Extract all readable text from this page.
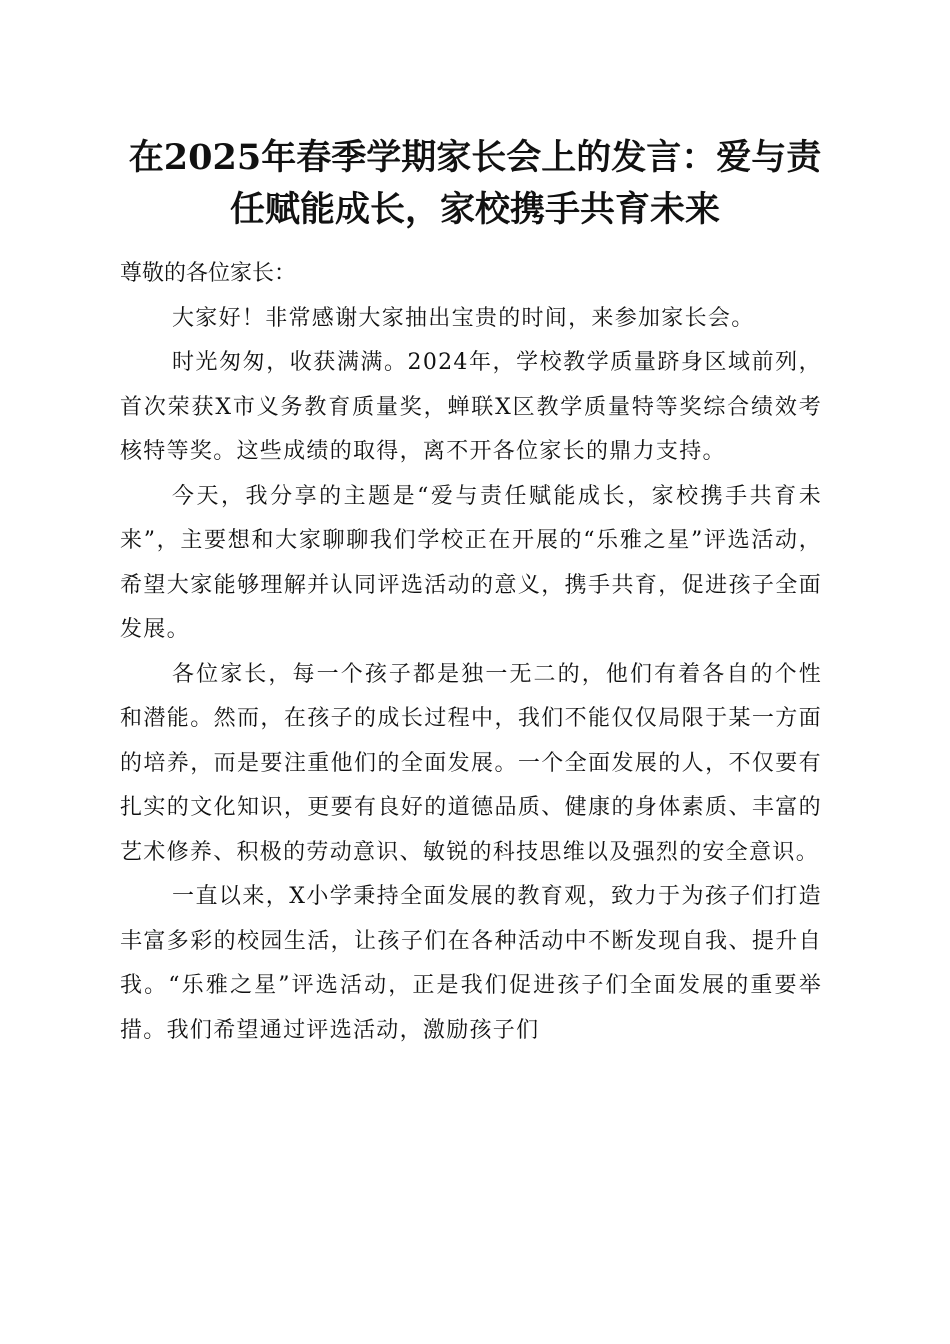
在2025年春季学期家长会上的发言：爱与责
任赋能成长，家校携手共育未来

尊敬的各位家长：

大家好！非常感谢大家抽出宝贵的时间，来参加家长会。

时光匆匆，收获满满。2024年，学校教学质量跻身区域前列，首次荣获X市义务教育质量奖，蝉联X区教学质量特等奖综合绩效考核特等奖。这些成绩的取得，离不开各位家长的鼎力支持。

今天，我分享的主题是“爱与责任赋能成长，家校携手共育未来”，主要想和大家聊聊我们学校正在开展的“乐雅之星”评选活动，希望大家能够理解并认同评选活动的意义，携手共育，促进孩子全面发展。

各位家长，每一个孩子都是独一无二的，他们有着各自的个性和潜能。然而，在孩子的成长过程中，我们不能仅仅局限于某一方面的培养，而是要注重他们的全面发展。一个全面发展的人，不仅要有扎实的文化知识，更要有良好的道德品质、健康的身体素质、丰富的艺术修养、积极的劳动意识、敏锐的科技思维以及强烈的安全意识。

一直以来，X小学秉持全面发展的教育观，致力于为孩子们打造丰富多彩的校园生活，让孩子们在各种活动中不断发现自我、提升自我。“乐雅之星”评选活动，正是我们促进孩子们全面发展的重要举措。我们希望通过评选活动，激励孩子们
